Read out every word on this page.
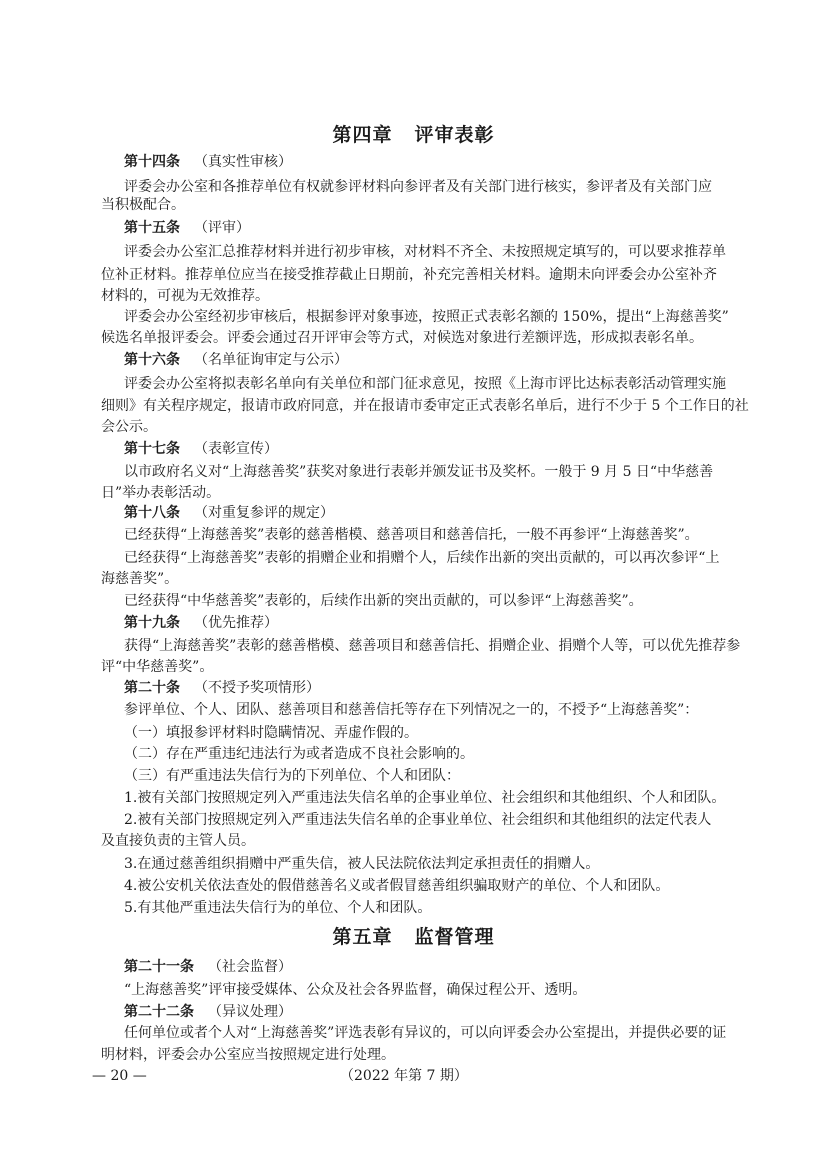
第四章 评审表彰
第十四条 （真实性审核）
评委会办公室和各推荐单位有权就参评材料向参评者及有关部门进行核实，参评者及有关部门应
当积极配合。
第十五条 （评审）
评委会办公室汇总推荐材料并进行初步审核，对材料不齐全、未按照规定填写的，可以要求推荐单
位补正材料。推荐单位应当在接受推荐截止日期前，补充完善相关材料。逾期未向评委会办公室补齐
材料的，可视为无效推荐。
评委会办公室经初步审核后，根据参评对象事迹，按照正式表彰名额的 150%，提出“上海慈善奖”
候选名单报评委会。评委会通过召开评审会等方式，对候选对象进行差额评选，形成拟表彰名单。
第十六条 （名单征询审定与公示）
评委会办公室将拟表彰名单向有关单位和部门征求意见，按照《上海市评比达标表彰活动管理实施
细则》有关程序规定，报请市政府同意，并在报请市委审定正式表彰名单后，进行不少于 5 个工作日的社
会公示。
第十七条 （表彰宣传）
以市政府名义对“上海慈善奖”获奖对象进行表彰并颁发证书及奖杯。一般于 9 月 5 日“中华慈善
日”举办表彰活动。
第十八条 （对重复参评的规定）
已经获得“上海慈善奖”表彰的慈善楷模、慈善项目和慈善信托，一般不再参评“上海慈善奖”。
已经获得“上海慈善奖”表彰的捐赠企业和捐赠个人，后续作出新的突出贡献的，可以再次参评“上
海慈善奖”。
已经获得“中华慈善奖”表彰的，后续作出新的突出贡献的，可以参评“上海慈善奖”。
第十九条 （优先推荐）
获得“上海慈善奖”表彰的慈善楷模、慈善项目和慈善信托、捐赠企业、捐赠个人等，可以优先推荐参
评“中华慈善奖”。
第二十条 （不授予奖项情形）
参评单位、个人、团队、慈善项目和慈善信托等存在下列情况之一的，不授予“上海慈善奖”：
（一）填报参评材料时隐瞒情况、弄虚作假的。
（二）存在严重违纪违法行为或者造成不良社会影响的。
（三）有严重违法失信行为的下列单位、个人和团队：
1.被有关部门按照规定列入严重违法失信名单的企事业单位、社会组织和其他组织、个人和团队。
2.被有关部门按照规定列入严重违法失信名单的企事业单位、社会组织和其他组织的法定代表人
及直接负责的主管人员。
3.在通过慈善组织捐赠中严重失信，被人民法院依法判定承担责任的捐赠人。
4.被公安机关依法查处的假借慈善名义或者假冒慈善组织骗取财产的单位、个人和团队。
5.有其他严重违法失信行为的单位、个人和团队。
第五章 监督管理
第二十一条 （社会监督）
“上海慈善奖”评审接受媒体、公众及社会各界监督，确保过程公开、透明。
第二十二条 （异议处理）
任何单位或者个人对“上海慈善奖”评选表彰有异议的，可以向评委会办公室提出，并提供必要的证
明材料，评委会办公室应当按照规定进行处理。
— 20 —	（2022 年第 7 期）
